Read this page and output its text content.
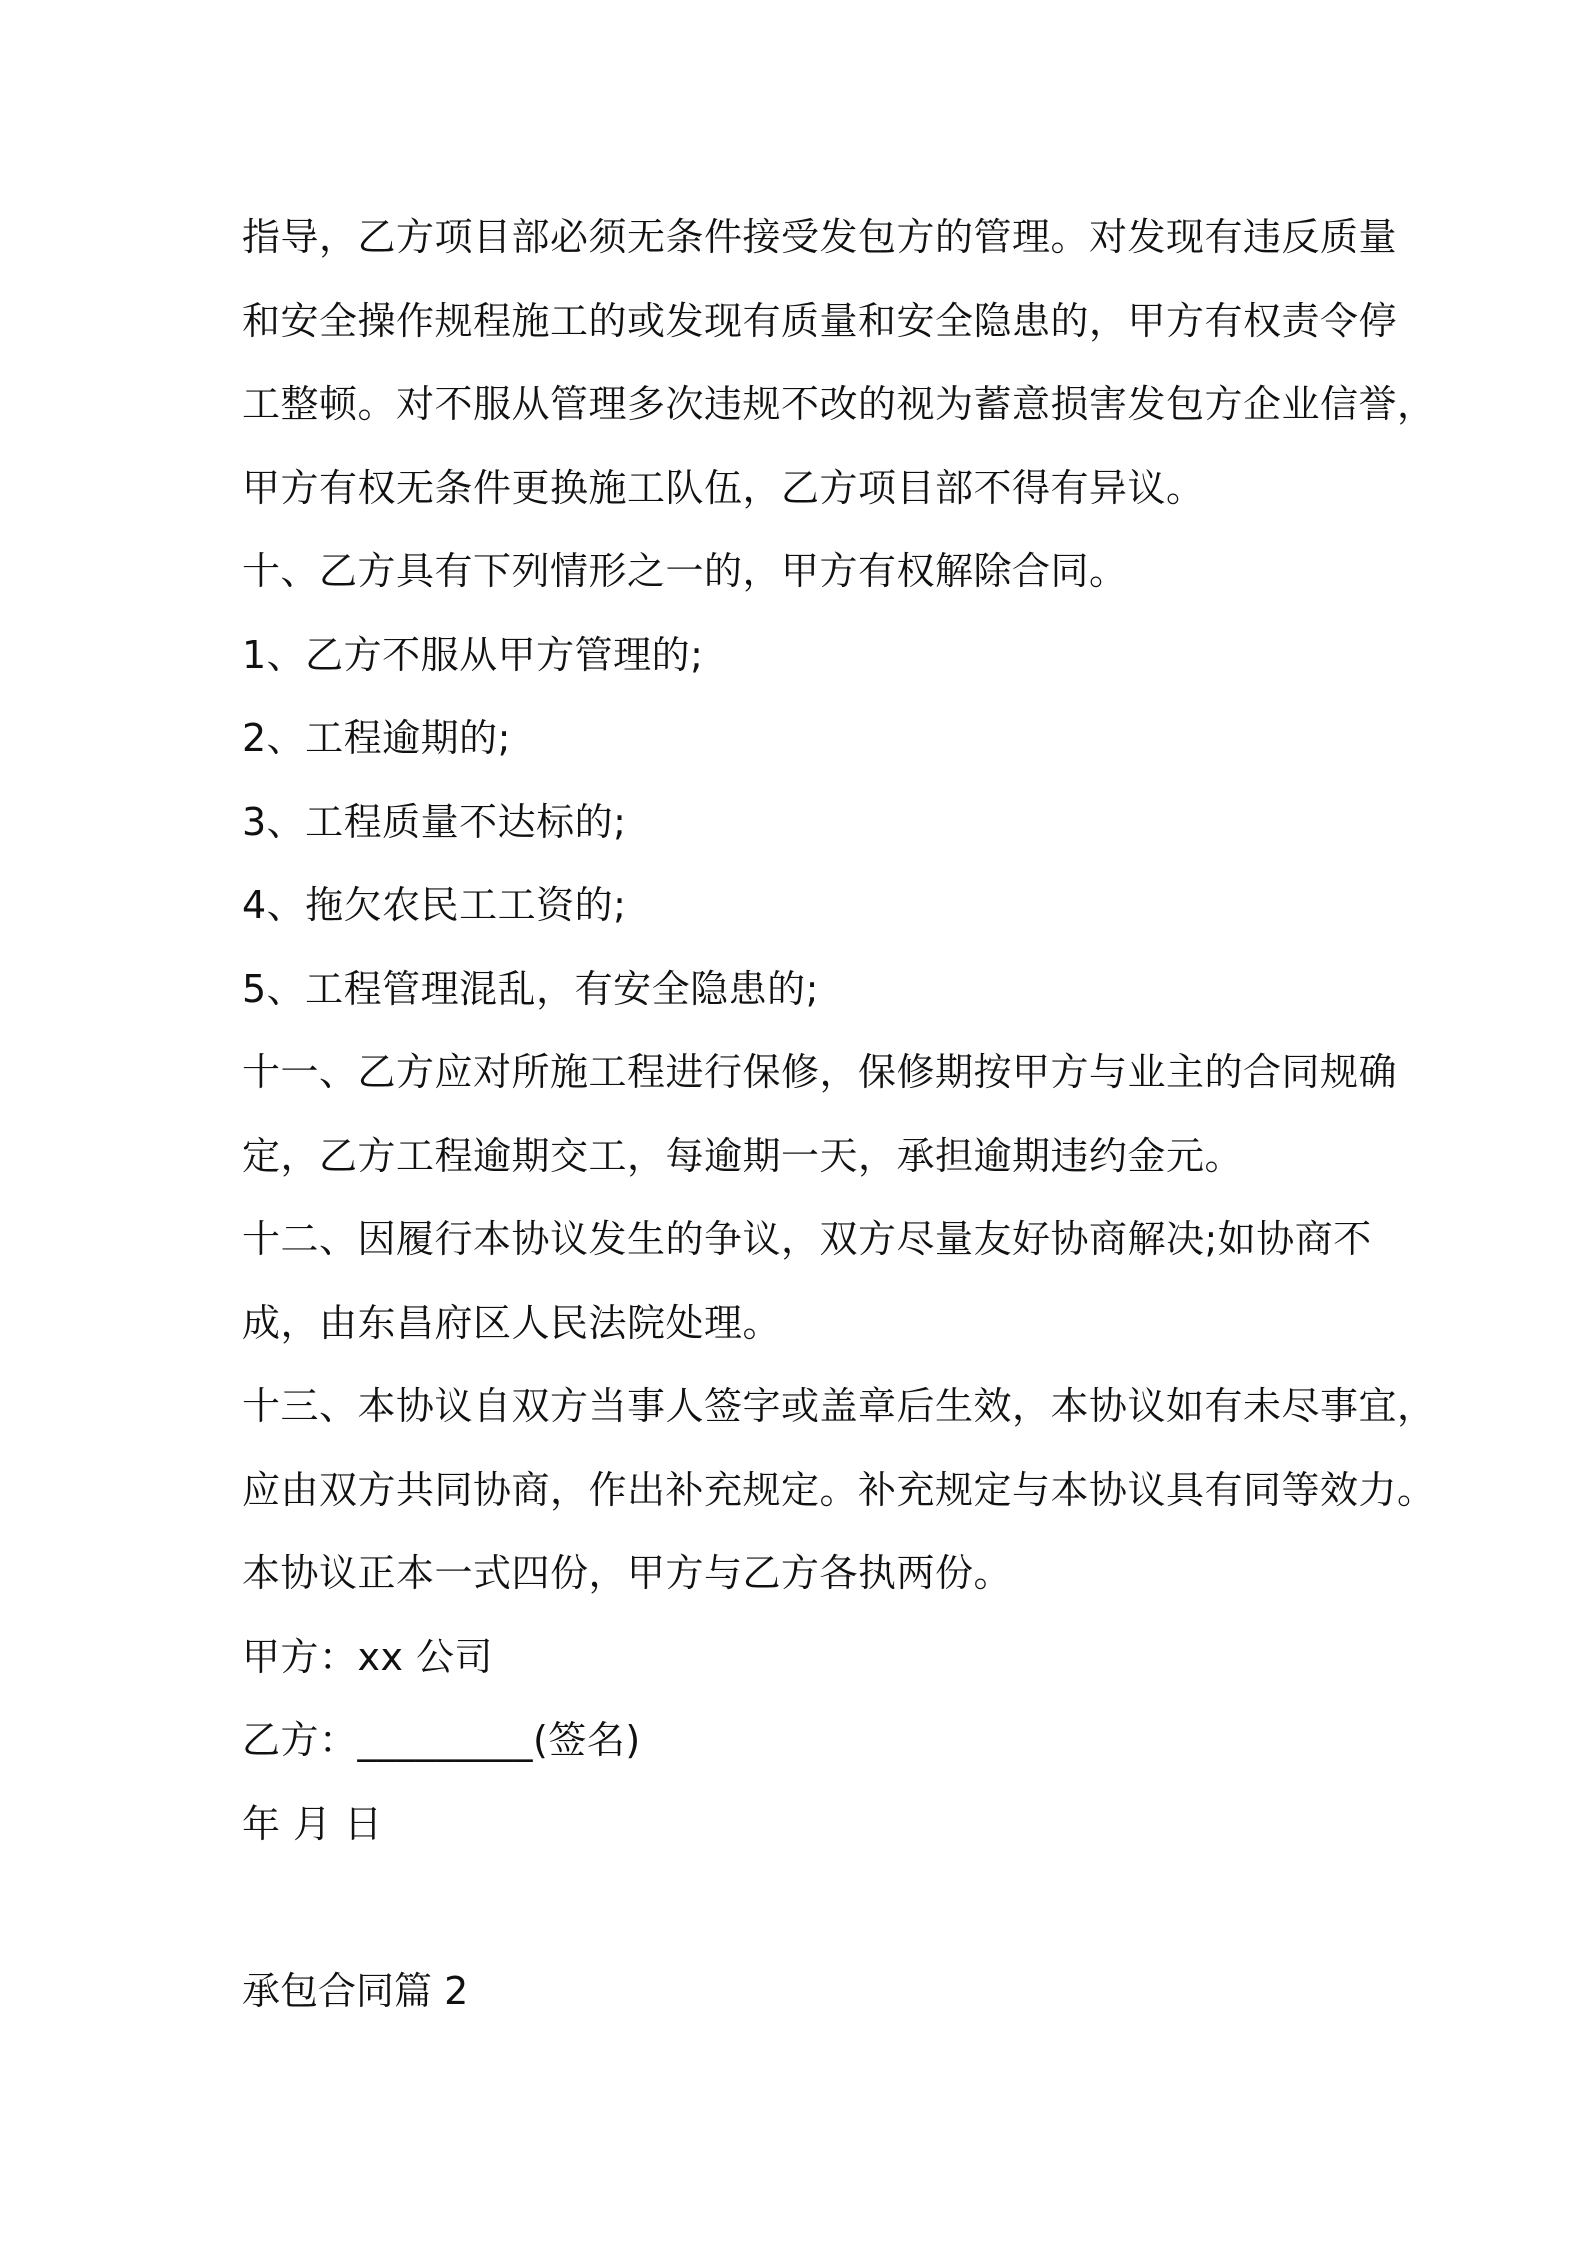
指导，乙方项目部必须无条件接受发包方的管理。对发现有违反质量
和安全操作规程施工的或发现有质量和安全隐患的，甲方有权责令停
工整顿。对不服从管理多次违规不改的视为蓄意损害发包方企业信誉，
甲方有权无条件更换施工队伍，乙方项目部不得有异议。
十、乙方具有下列情形之一的，甲方有权解除合同。
1、乙方不服从甲方管理的;
2、工程逾期的;
3、工程质量不达标的;
4、拖欠农民工工资的;
5、工程管理混乱，有安全隐患的;
十一、乙方应对所施工程进行保修，保修期按甲方与业主的合同规确
定，乙方工程逾期交工，每逾期一天，承担逾期违约金元。
十二、因履行本协议发生的争议，双方尽量友好协商解决;如协商不
成，由东昌府区人民法院处理。
十三、本协议自双方当事人签字或盖章后生效，本协议如有未尽事宜，
应由双方共同协商，作出补充规定。补充规定与本协议具有同等效力。
本协议正本一式四份，甲方与乙方各执两份。
甲方：xx 公司
乙方：_________(签名)
年 月 日
承包合同篇 2
